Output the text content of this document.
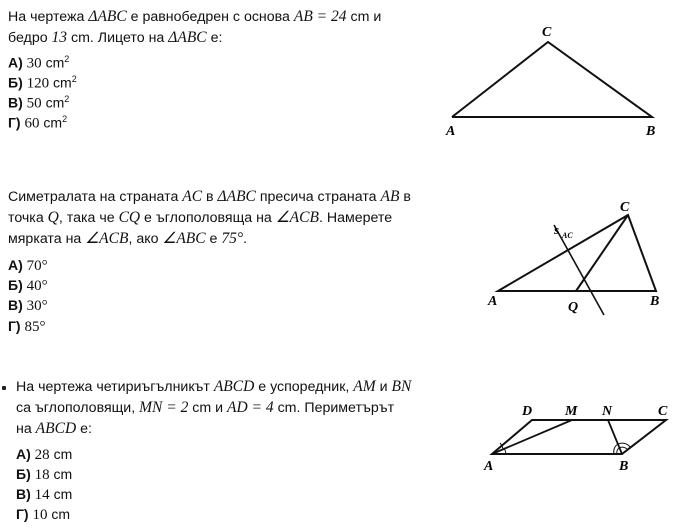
На чертежа ΔABC е равнобедрен с основа AB = 24 cm и
бедро 13 cm. Лицето на ΔABC е:
А) 30 $cm^2$
Б) 120 $cm^2$
В) 50 $cm^2$
Г) 60 $cm^2$
A	B
C
Симетралата на страната AC в ΔABC пресича страната AB в
точка Q, така че CQ е ъглополовяща на ∠ACB. Намерете
мярката на ∠ACB, ако ∠ABC е 75°.
А) 70°
Б) 40°
В) 30°
Г) 85°
A	B
C
Q
s AC
На чертежа четириъгълникът ABCD е успоредник, AM и BN
са ъглополовящи, MN = 2 cm и AD = 4 cm. Периметърът
на ABCD е:
А) 28 cm
Б) 18 cm
В) 14 cm
Г) 10 cm
A	B
C
D M N
